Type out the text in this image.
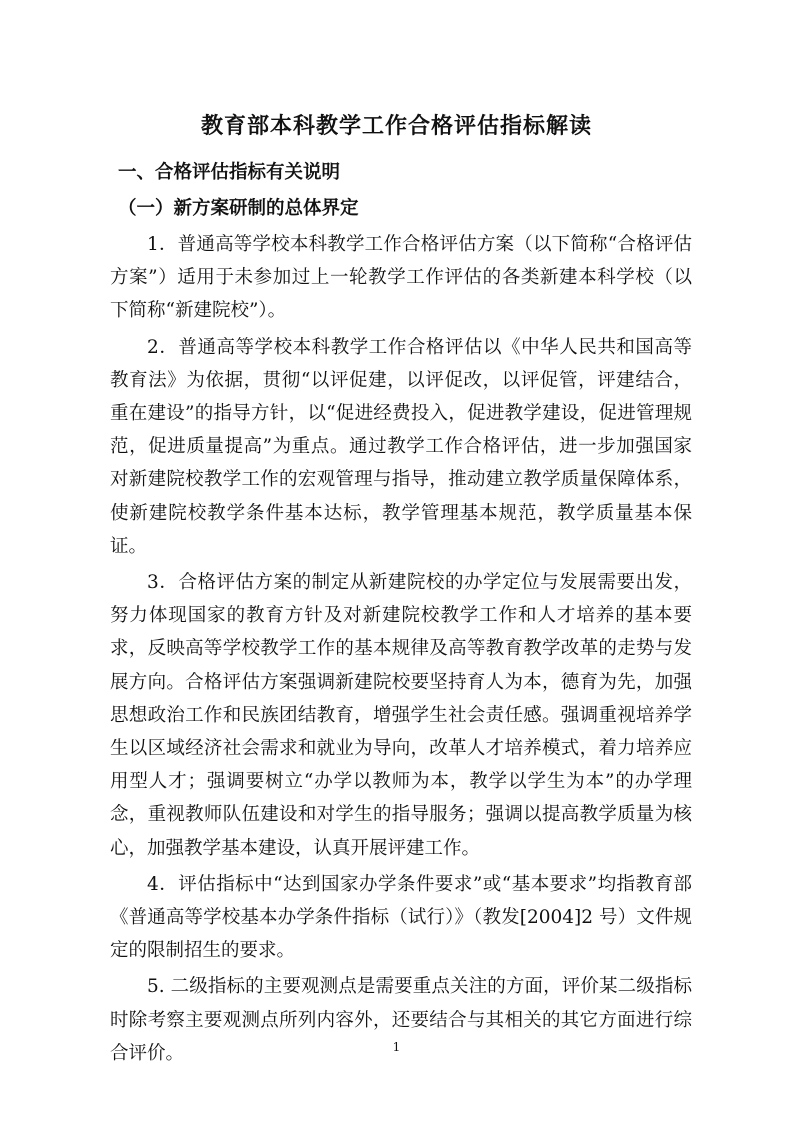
教育部本科教学工作合格评估指标解读
一、合格评估指标有关说明
（一）新方案研制的总体界定

1．普通高等学校本科教学工作合格评估方案（以下简称“合格评估方案”）适用于未参加过上一轮教学工作评估的各类新建本科学校（以下简称“新建院校”）。

2．普通高等学校本科教学工作合格评估以《中华人民共和国高等教育法》为依据，贯彻“以评促建，以评促改，以评促管，评建结合，重在建设”的指导方针，以“促进经费投入，促进教学建设，促进管理规范，促进质量提高”为重点。通过教学工作合格评估，进一步加强国家对新建院校教学工作的宏观管理与指导，推动建立教学质量保障体系，使新建院校教学条件基本达标，教学管理基本规范，教学质量基本保证。

3．合格评估方案的制定从新建院校的办学定位与发展需要出发，努力体现国家的教育方针及对新建院校教学工作和人才培养的基本要求，反映高等学校教学工作的基本规律及高等教育教学改革的走势与发展方向。合格评估方案强调新建院校要坚持育人为本，德育为先，加强思想政治工作和民族团结教育，增强学生社会责任感。强调重视培养学生以区域经济社会需求和就业为导向，改革人才培养模式，着力培养应用型人才；强调要树立“办学以教师为本，教学以学生为本”的办学理念，重视教师队伍建设和对学生的指导服务；强调以提高教学质量为核心，加强教学基本建设，认真开展评建工作。

4．评估指标中“达到国家办学条件要求”或“基本要求”均指教育部《普通高等学校基本办学条件指标（试行）》（教发[2004]2 号）文件规定的限制招生的要求。

5. 二级指标的主要观测点是需要重点关注的方面，评价某二级指标时除考察主要观测点所列内容外，还要结合与其相关的其它方面进行综合评价。	1
